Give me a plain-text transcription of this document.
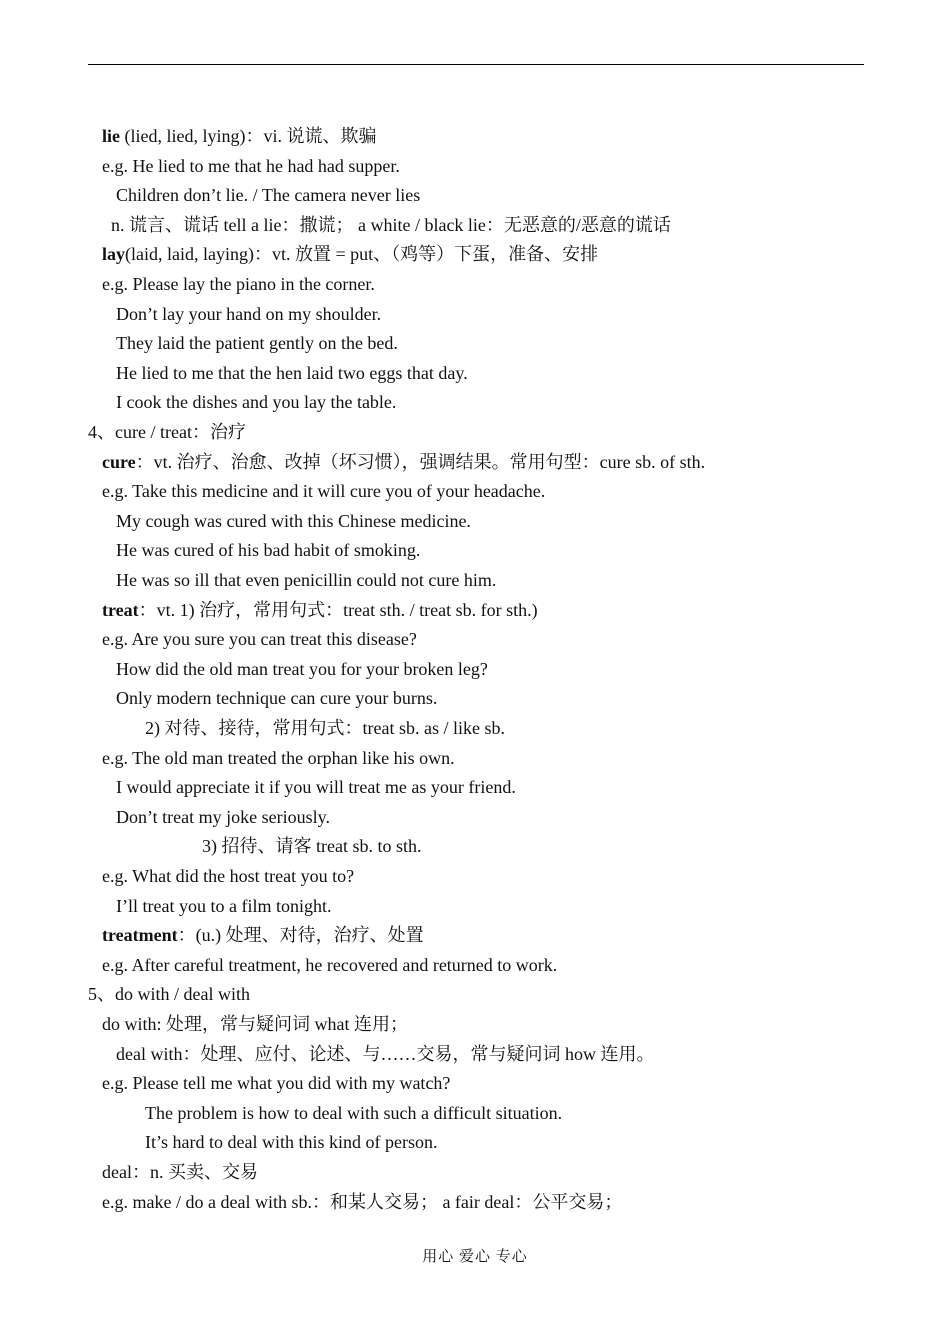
lie (lied, lied, lying)：vi. 说谎、欺骗
e.g. He lied to me that he had had supper.
Children don’t lie. / The camera never lies
n. 谎言、谎话 tell a lie：撒谎； a white / black lie：无恶意的/恶意的谎话
lay(laid, laid, laying)：vt. 放置 = put、（鸡等）下蛋，准备、安排
e.g. Please lay the piano in the corner.
Don’t lay your hand on my shoulder.
They laid the patient gently on the bed.
He lied to me that the hen laid two eggs that day.
I cook the dishes and you lay the table.
4、cure / treat：治疗
cure：vt. 治疗、治愈、改掉（坏习惯），强调结果。常用句型：cure sb. of sth.
e.g. Take this medicine and it will cure you of your headache.
My cough was cured with this Chinese medicine.
He was cured of his bad habit of smoking.
He was so ill that even penicillin could not cure him.
treat：vt. 1) 治疗，常用句式：treat sth. / treat sb. for sth.)
e.g. Are you sure you can treat this disease?
How did the old man treat you for your broken leg?
Only modern technique can cure your burns.
2) 对待、接待，常用句式：treat sb. as / like sb.
e.g. The old man treated the orphan like his own.
I would appreciate it if you will treat me as your friend.
Don’t treat my joke seriously.
3) 招待、请客 treat sb. to sth.
e.g. What did the host treat you to?
I’ll treat you to a film tonight.
treatment：(u.) 处理、对待，治疗、处置
e.g. After careful treatment, he recovered and returned to work.
5、do with / deal with
do with: 处理，常与疑问词 what 连用；
deal with：处理、应付、论述、与……交易，常与疑问词 how 连用。
e.g. Please tell me what you did with my watch?
The problem is how to deal with such a difficult situation.
It’s hard to deal with this kind of person.
deal：n. 买卖、交易
e.g. make / do a deal with sb.：和某人交易； a fair deal：公平交易；
用心 爱心 专心
